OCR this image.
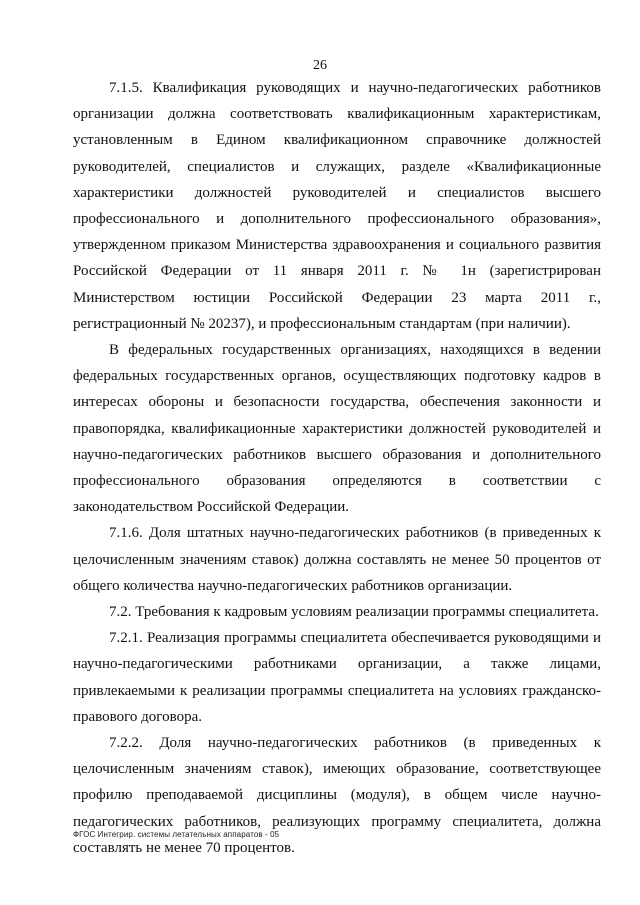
26

7.1.5. Квалификация руководящих и научно-педагогических работников организации должна соответствовать квалификационным характеристикам, установленным в Едином квалификационном справочнике должностей руководителей, специалистов и служащих, разделе «Квалификационные характеристики должностей руководителей и специалистов высшего профессионального и дополнительного профессионального образования», утвержденном приказом Министерства здравоохранения и социального развития Российской Федерации от 11 января 2011 г. № 1н (зарегистрирован Министерством юстиции Российской Федерации 23 марта 2011 г., регистрационный № 20237), и профессиональным стандартам (при наличии).

В федеральных государственных организациях, находящихся в ведении федеральных государственных органов, осуществляющих подготовку кадров в интересах обороны и безопасности государства, обеспечения законности и правопорядка, квалификационные характеристики должностей руководителей и научно-педагогических работников высшего образования и дополнительного профессионального образования определяются в соответствии с законодательством Российской Федерации.

7.1.6. Доля штатных научно-педагогических работников (в приведенных к целочисленным значениям ставок) должна составлять не менее 50 процентов от общего количества научно-педагогических работников организации.

7.2. Требования к кадровым условиям реализации программы специалитета.

7.2.1. Реализация программы специалитета обеспечивается руководящими и научно-педагогическими работниками организации, а также лицами, привлекаемыми к реализации программы специалитета на условиях гражданско-правового договора.

7.2.2. Доля научно-педагогических работников (в приведенных к целочисленным значениям ставок), имеющих образование, соответствующее профилю преподаваемой дисциплины (модуля), в общем числе научно-педагогических работников, реализующих программу специалитета, должна составлять не менее 70 процентов.

ФГОС Интегрир. системы летательных аппаратов - 05
